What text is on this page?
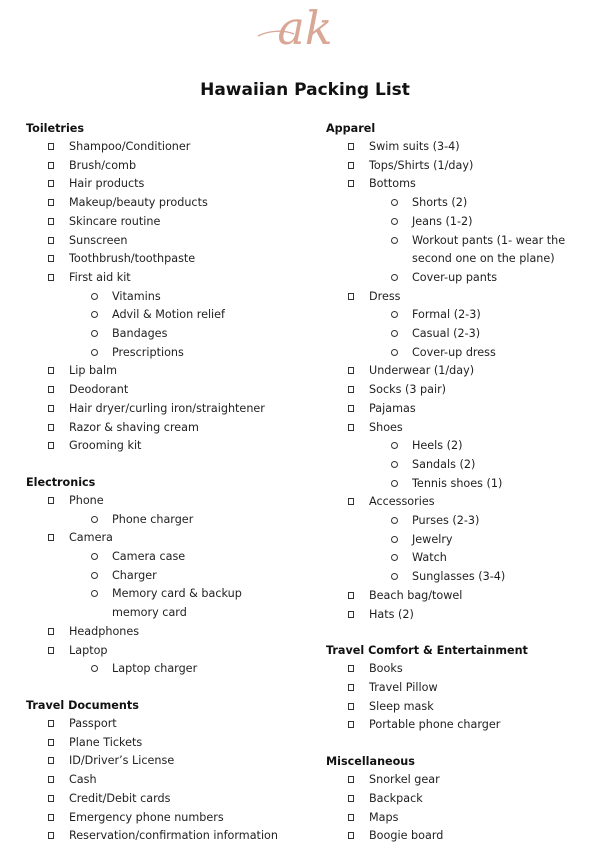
ak
Hawaiian Packing List
Toiletries
Shampoo/Conditioner
Brush/comb
Hair products
Makeup/beauty products
Skincare routine
Sunscreen
Toothbrush/toothpaste
First aid kit
Vitamins
Advil & Motion relief
Bandages
Prescriptions
Lip balm
Deodorant
Hair dryer/curling iron/straightener
Razor & shaving cream
Grooming kit
Electronics
Phone
Phone charger
Camera
Camera case
Charger
Memory card & backup
memory card
Headphones
Laptop
Laptop charger
Travel Documents
Passport
Plane Tickets
ID/Driver’s License
Cash
Credit/Debit cards
Emergency phone numbers
Reservation/confirmation information
Apparel
Swim suits (3-4)
Tops/Shirts (1/day)
Bottoms
Shorts (2)
Jeans (1-2)
Workout pants (1- wear the
second one on the plane)
Cover-up pants
Dress
Formal (2-3)
Casual (2-3)
Cover-up dress
Underwear (1/day)
Socks (3 pair)
Pajamas
Shoes
Heels (2)
Sandals (2)
Tennis shoes (1)
Accessories
Purses (2-3)
Jewelry
Watch
Sunglasses (3-4)
Beach bag/towel
Hats (2)
Travel Comfort & Entertainment
Books
Travel Pillow
Sleep mask
Portable phone charger
Miscellaneous
Snorkel gear
Backpack
Maps
Boogie board
